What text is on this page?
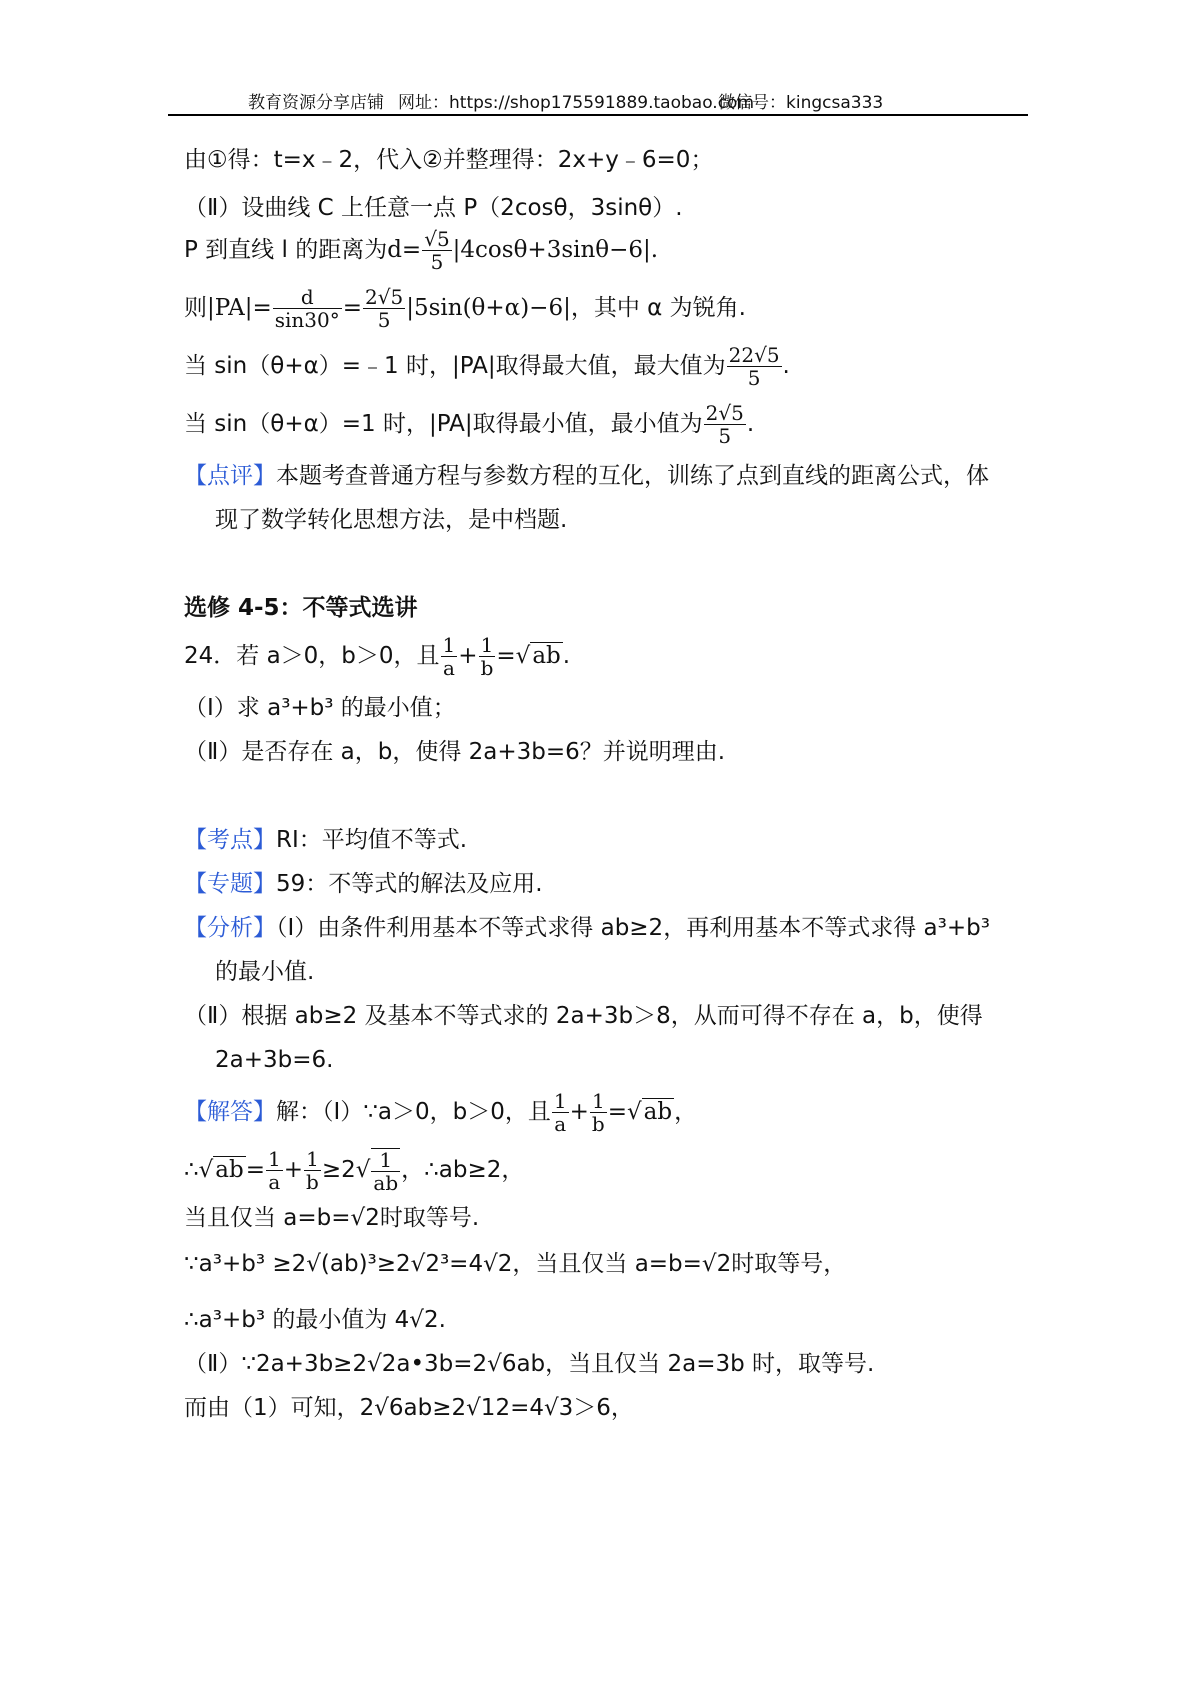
教育资源分享店铺 网址：https://shop175591889.taobao.com
微信号：kingcsa333
由①得：t=x﹣2，代入②并整理得：2x+y﹣6=0；
（Ⅱ）设曲线 C 上任意一点 P（2cosθ，3sinθ）.
P 到直线 l 的距离为$d= \frac{√5}{5} |4\cos\theta+3\sin\theta-6|$.
则$|PA|= \frac{d}{\sin 30^\circ} = \frac{2√5}{5} |5\sin(\theta+\alpha)-6|$，其中 α 为锐角.
当 sin（θ+α）=﹣1 时，|PA|取得最大值，最大值为 $\frac{22√5}{5}$ .
当 sin（θ+α）=1 时，|PA|取得最小值，最小值为 $\frac{2√5}{5}$ .
【点评】本题考查普通方程与参数方程的互化，训练了点到直线的距离公式，体
现了数学转化思想方法，是中档题.
选修 4-5：不等式选讲
24．若 a＞0，b＞0，且 $\frac{1}{a} + \frac{1}{b} =√ab$.
（Ⅰ）求 a³+b³ 的最小值；
（Ⅱ）是否存在 a，b，使得 2a+3b=6？并说明理由.
【考点】RI：平均值不等式.
【专题】59：不等式的解法及应用.
【分析】（Ⅰ）由条件利用基本不等式求得 ab≥2，再利用基本不等式求得 a³+b³
的最小值.
（Ⅱ）根据 ab≥2 及基本不等式求的 2a+3b＞8，从而可得不存在 a，b，使得
2a+3b=6.
【解答】解：（Ⅰ）∵a＞0，b＞0，且 $\frac{1}{a} + \frac{1}{b} =√ab$，
∴√ab= $\frac{1}{a} + \frac{1}{b} \ge 2√ \frac{1}{ab}$ ，∴ab≥2，
当且仅当 a=b=√2时取等号.
∵a³+b³ ≥2√(ab)³≥2√2³=4√2，当且仅当 a=b=√2时取等号，
∴a³+b³ 的最小值为 4√2.
（Ⅱ）∵2a+3b≥2√2a•3b=2√6ab，当且仅当 2a=3b 时，取等号.
而由（1）可知，2√6ab≥2√12=4√3＞6，
